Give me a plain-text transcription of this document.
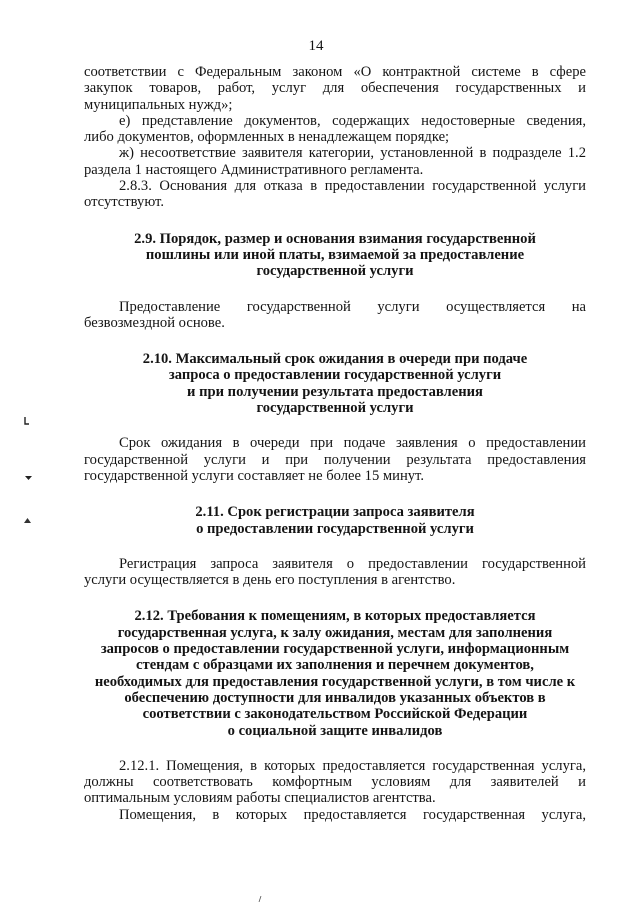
14
соответствии с Федеральным законом «О контрактной системе в сфере
закупок товаров, работ, услуг для обеспечения государственных и
муниципальных нужд»;
е) представление документов, содержащих недостоверные сведения,
либо документов, оформленных в ненадлежащем порядке;
ж) несоответствие заявителя категории, установленной в подразделе 1.2
раздела 1 настоящего Административного регламента.
2.8.3. Основания для отказа в предоставлении государственной услуги
отсутствуют.
2.9. Порядок, размер и основания взимания государственной
пошлины или иной платы, взимаемой за предоставление
государственной услуги
Предоставление государственной услуги осуществляется на
безвозмездной основе.
2.10. Максимальный срок ожидания в очереди при подаче
запроса о предоставлении государственной услуги
и при получении результата предоставления
государственной услуги
Срок ожидания в очереди при подаче заявления о предоставлении
государственной услуги и при получении результата предоставления
государственной услуги составляет не более 15 минут.
2.11. Срок регистрации запроса заявителя
о предоставлении государственной услуги
Регистрация запроса заявителя о предоставлении государственной
услуги осуществляется в день его поступления в агентство.
2.12. Требования к помещениям, в которых предоставляется
государственная услуга, к залу ожидания, местам для заполнения
запросов о предоставлении государственной услуги, информационным
стендам с образцами их заполнения и перечнем документов,
необходимых для предоставления государственной услуги, в том числе к
обеспечению доступности для инвалидов указанных объектов в
соответствии с законодательством Российской Федерации
о социальной защите инвалидов
2.12.1. Помещения, в которых предоставляется государственная услуга,
должны соответствовать комфортным условиям для заявителей и
оптимальным условиям работы специалистов агентства.
Помещения, в которых предоставляется государственная услуга,
